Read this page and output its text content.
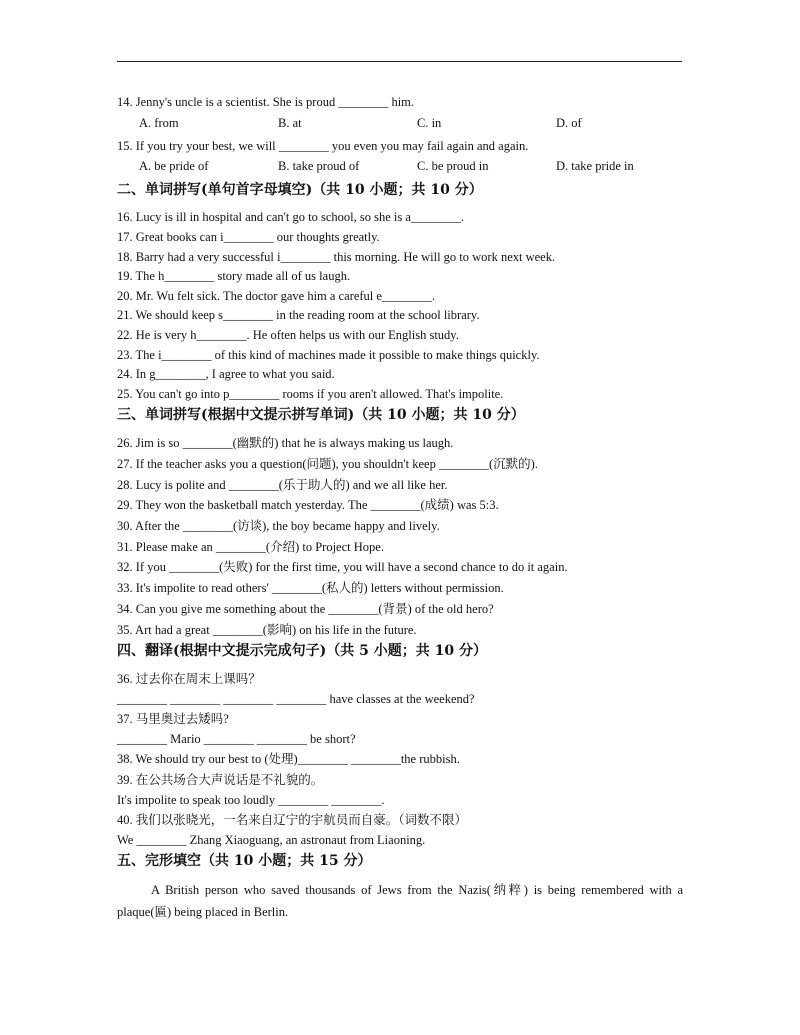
14. Jenny's uncle is a scientist. She is proud ________ him.
A. from	B. at	C. in	D. of
15. If you try your best, we will ________ you even you may fail again and again.
A. be pride of	B. take proud of	C. be proud in	D. take pride in
二、单词拼写(单句首字母填空)（共 10 小题；共 10 分）
16. Lucy is ill in hospital and can't go to school, so she is a________.
17. Great books can i________ our thoughts greatly.
18. Barry had a very successful i________ this morning. He will go to work next week.
19. The h________ story made all of us laugh.
20. Mr. Wu felt sick. The doctor gave him a careful e________.
21. We should keep s________ in the reading room at the school library.
22. He is very h________. He often helps us with our English study.
23. The i________ of this kind of machines made it possible to make things quickly.
24. In g________, I agree to what you said.
25. You can't go into p________ rooms if you aren't allowed. That's impolite.
三、单词拼写(根据中文提示拼写单词)（共 10 小题；共 10 分）
26. Jim is so ________(幽默的) that he is always making us laugh.
27. If the teacher asks you a question(问题), you shouldn't keep ________(沉默的).
28. Lucy is polite and ________(乐于助人的) and we all like her.
29. They won the basketball match yesterday. The ________(成绩) was 5:3.
30. After the ________(访谈), the boy became happy and lively.
31. Please make an ________(介绍) to Project Hope.
32. If you ________(失败) for the first time, you will have a second chance to do it again.
33. It's impolite to read others' ________(私人的) letters without permission.
34. Can you give me something about the ________(背景) of the old hero?
35. Art had a great ________(影响) on his life in the future.
四、翻译(根据中文提示完成句子)（共 5 小题；共 10 分）
36. 过去你在周末上课吗？
________ ________ ________ ________ have classes at the weekend?
37. 马里奥过去矮吗?
________ Mario ________ ________ be short?
38. We should try our best to (处理)________ ________the rubbish.
39. 在公共场合大声说话是不礼貌的。
It's impolite to speak too loudly ________ ________.
40. 我们以张晓光，一名来自辽宁的宇航员而自豪。（词数不限）
We ________ Zhang Xiaoguang, an astronaut from Liaoning.
五、完形填空（共 10 小题；共 15 分）
A British person who saved thousands of Jews from the Nazis(纳粹) is being remembered with a plaque(匾) being placed in Berlin.
